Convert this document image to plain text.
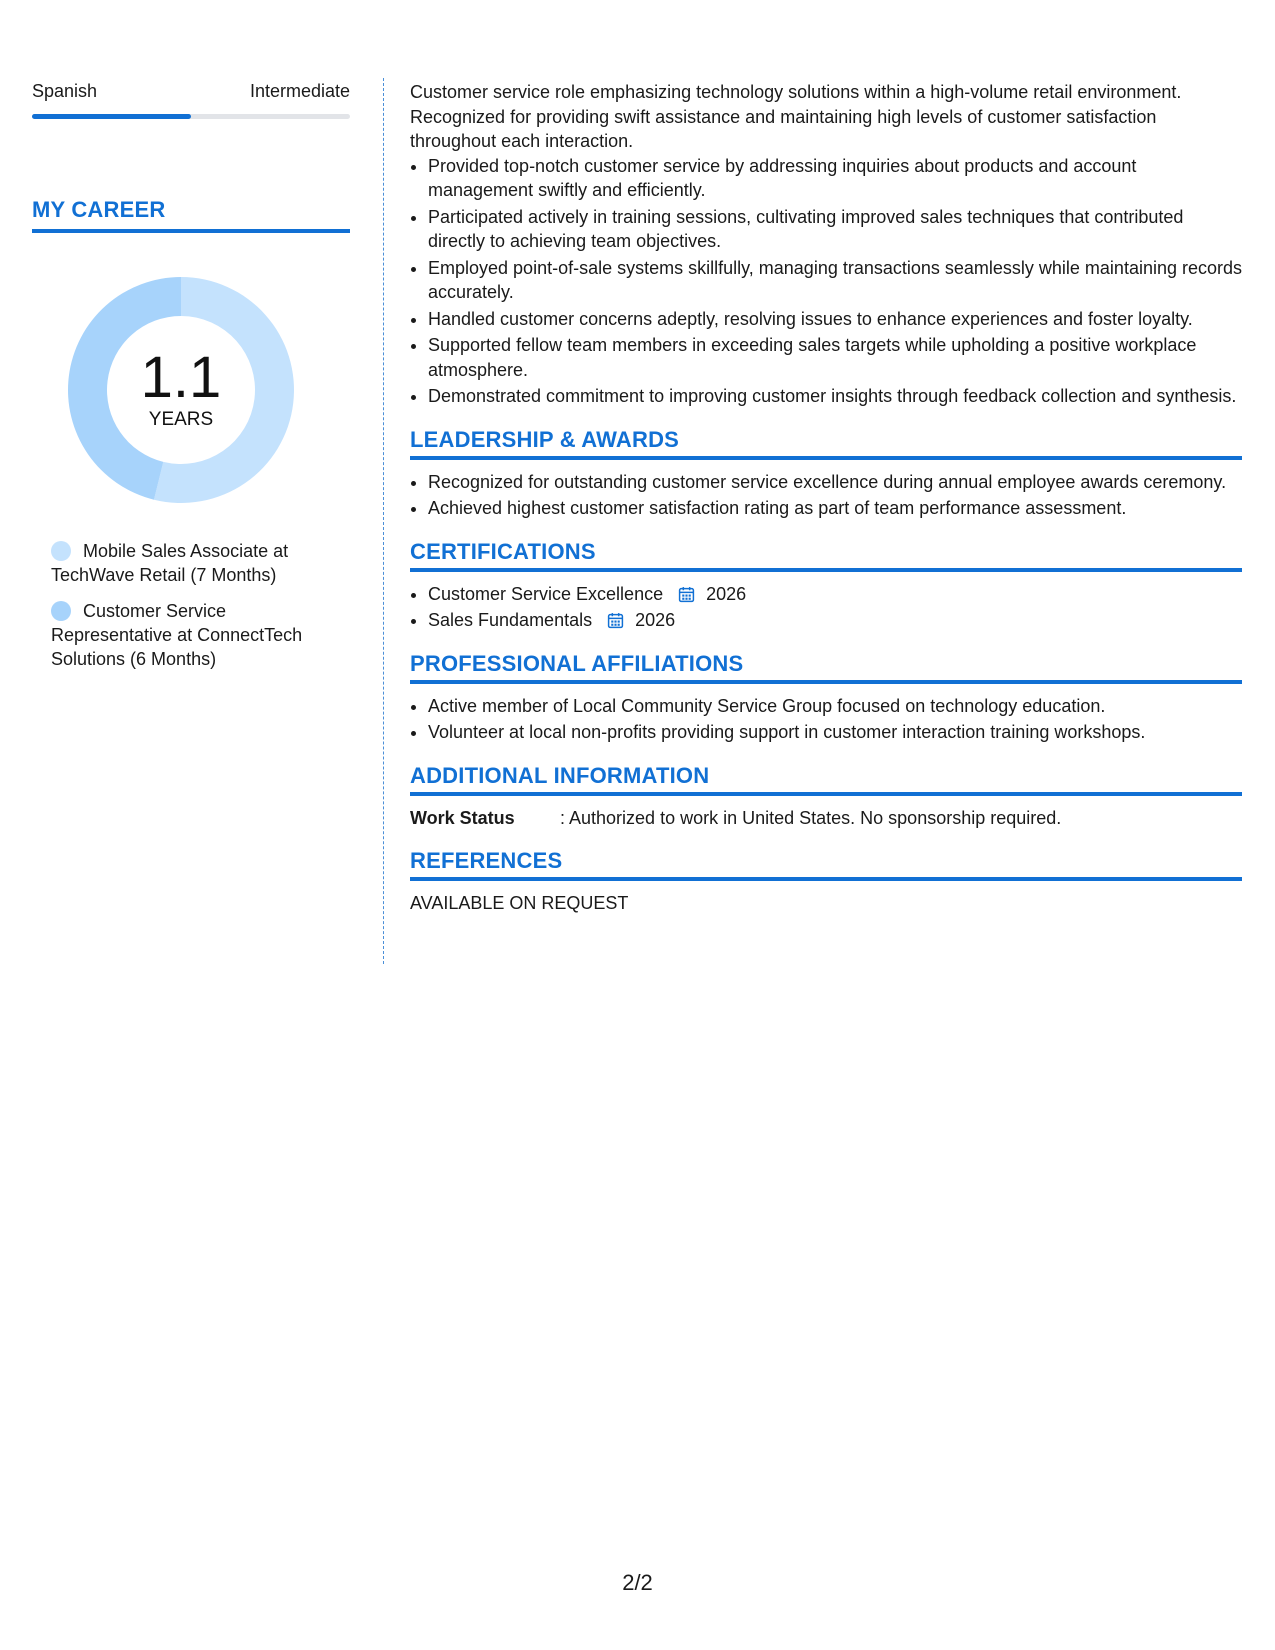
Spanish	Intermediate
MY CAREER
1.1
YEARS
Mobile Sales Associate at TechWave Retail (7 Months)
Customer Service Representative at ConnectTech Solutions (6 Months)

Customer service role emphasizing technology solutions within a high-volume retail environment. Recognized for providing swift assistance and maintaining high levels of customer satisfaction throughout each interaction.

• Provided top-notch customer service by addressing inquiries about products and account management swiftly and efficiently.
• Participated actively in training sessions, cultivating improved sales techniques that contributed directly to achieving team objectives.
• Employed point-of-sale systems skillfully, managing transactions seamlessly while maintaining records accurately.
• Handled customer concerns adeptly, resolving issues to enhance experiences and foster loyalty.
• Supported fellow team members in exceeding sales targets while upholding a positive workplace atmosphere.
• Demonstrated commitment to improving customer insights through feedback collection and synthesis.
LEADERSHIP & AWARDS
• Recognized for outstanding customer service excellence during annual employee awards ceremony.
• Achieved highest customer satisfaction rating as part of team performance assessment.
CERTIFICATIONS
• Customer Service Excellence 2026
• Sales Fundamentals 2026
PROFESSIONAL AFFILIATIONS
• Active member of Local Community Service Group focused on technology education.
• Volunteer at local non-profits providing support in customer interaction training workshops.
ADDITIONAL INFORMATION
Work Status	: Authorized to work in United States. No sponsorship required.
REFERENCES
AVAILABLE ON REQUEST
2/2
